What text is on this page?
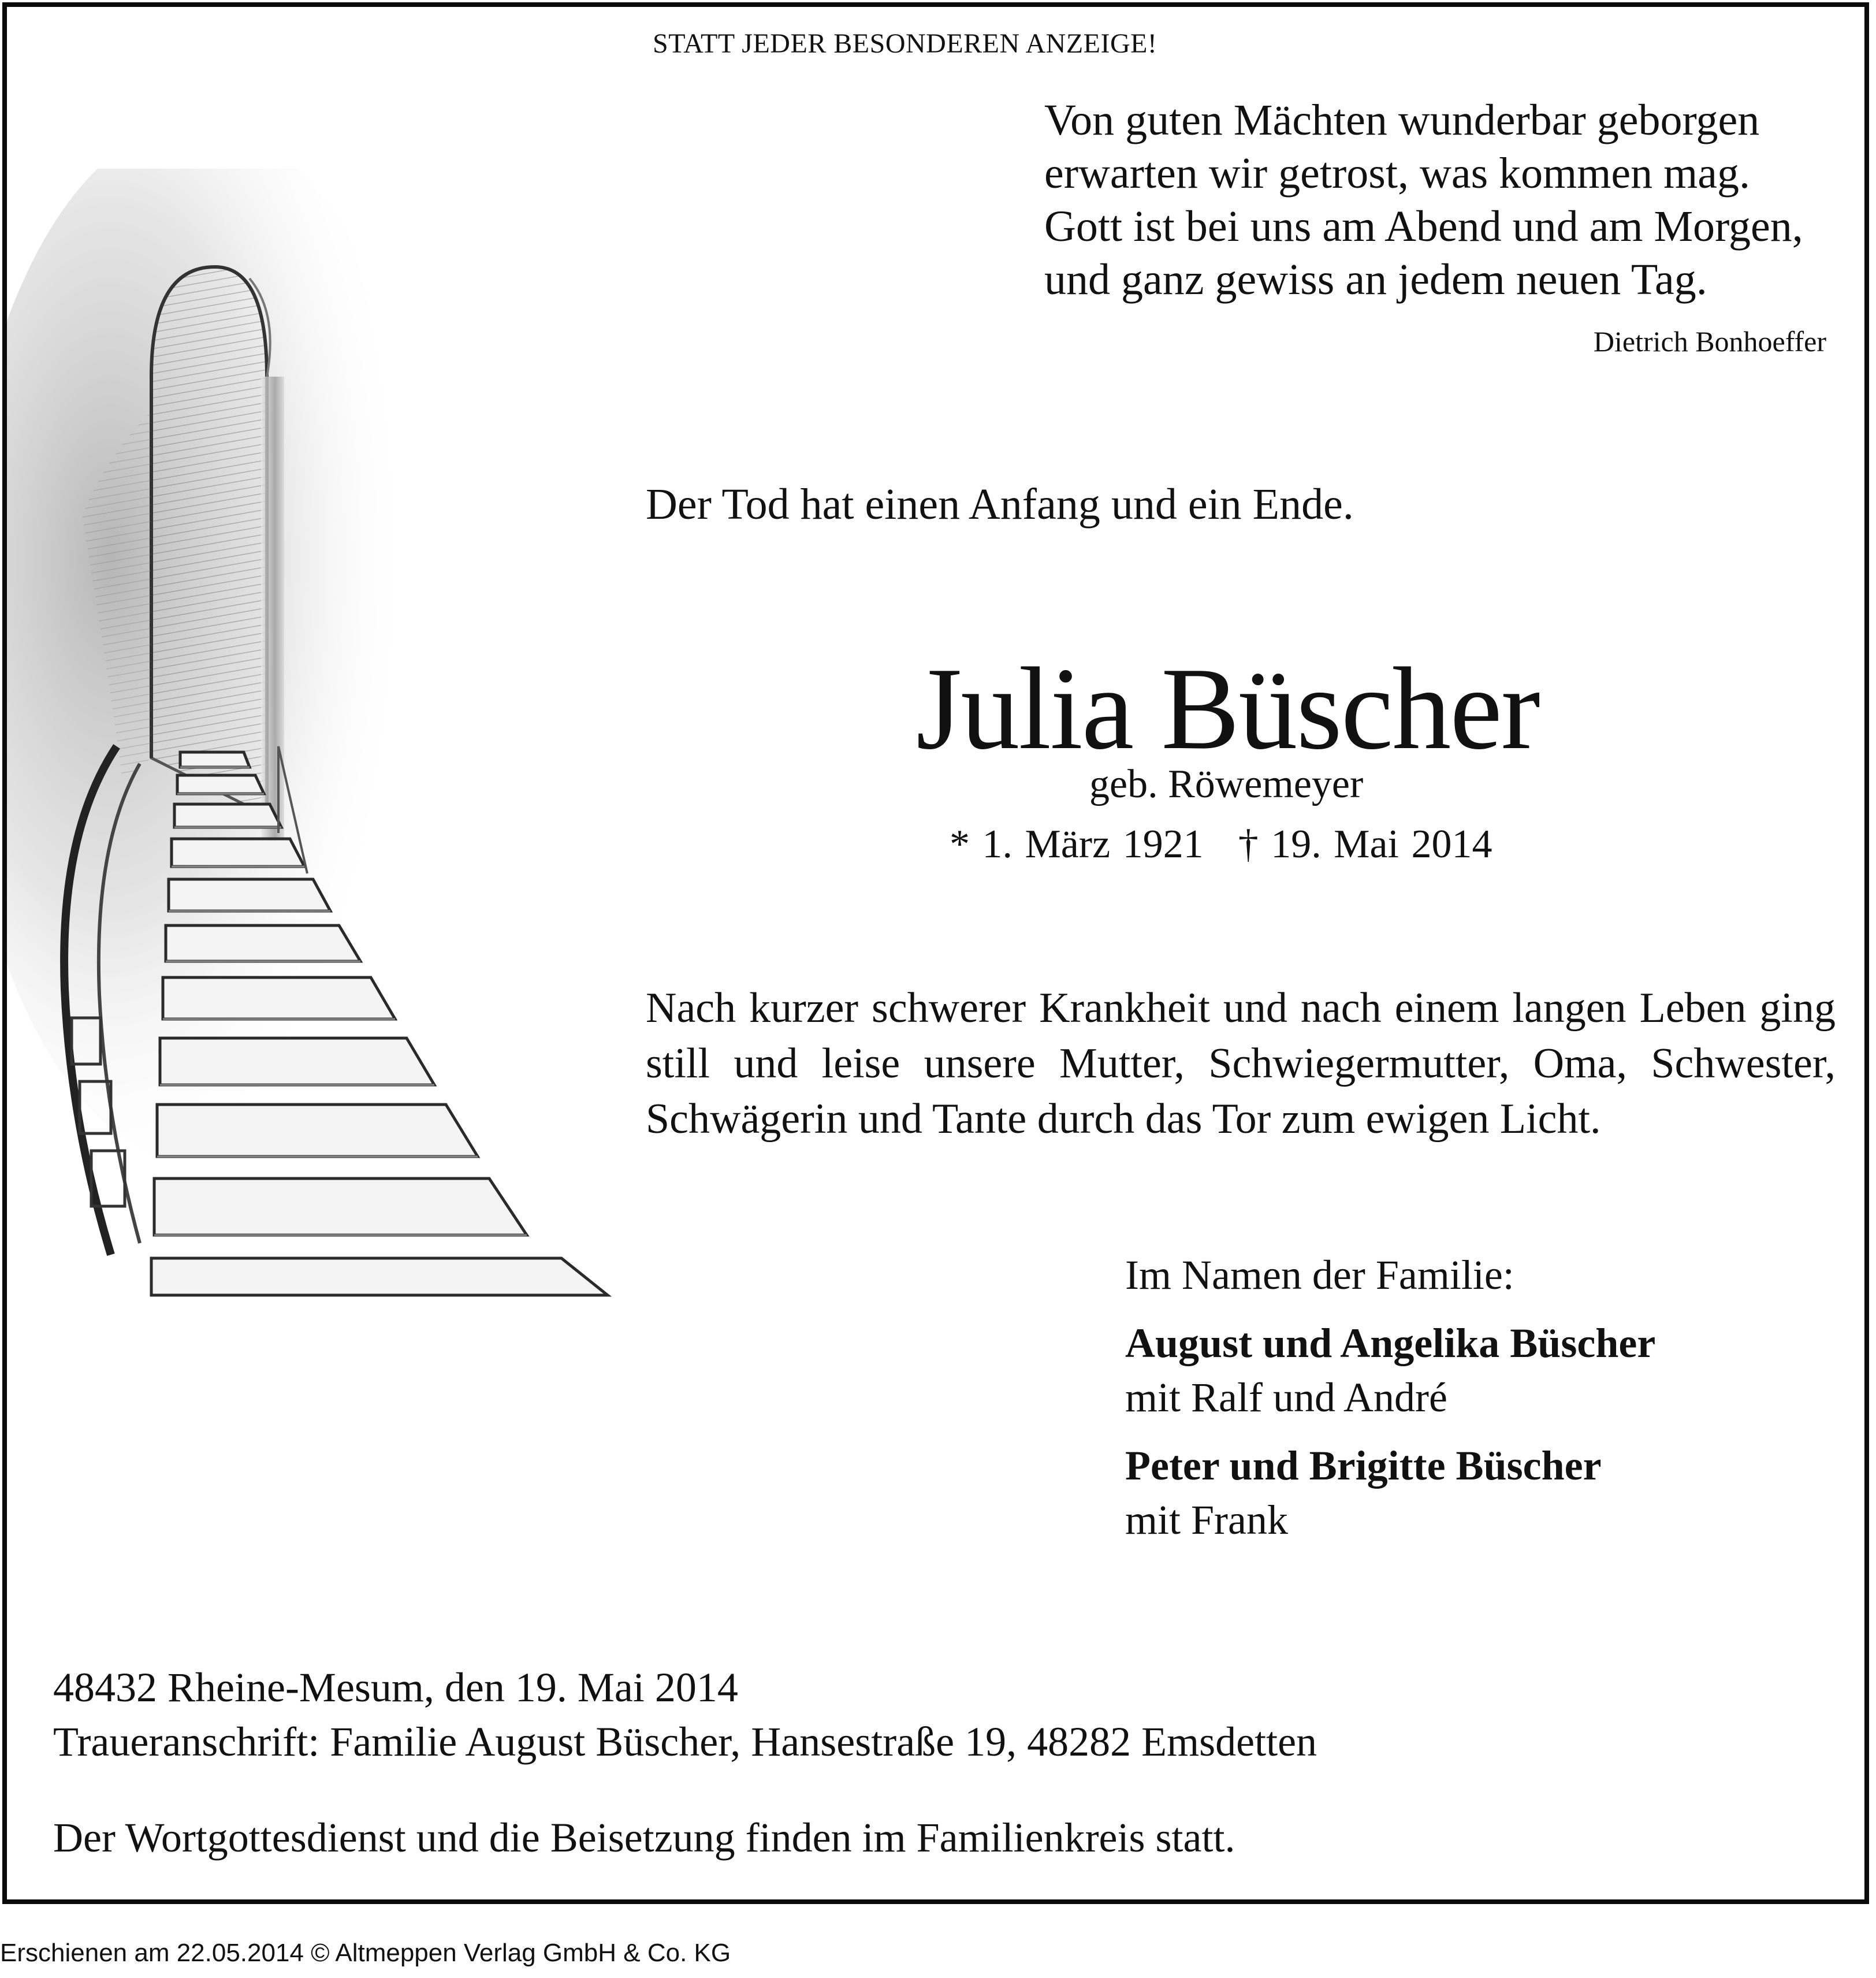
STATT JEDER BESONDEREN ANZEIGE!
Von guten Mächten wunderbar geborgen
erwarten wir getrost, was kommen mag.
Gott ist bei uns am Abend und am Morgen,
und ganz gewiss an jedem neuen Tag.
Dietrich Bonhoeffer
Der Tod hat einen Anfang und ein Ende.
Julia Büscher
geb. Röwemeyer
* 1. März 1921 † 19. Mai 2014
Nach kurzer schwerer Krankheit und nach einem langen Leben ging still und leise unsere Mutter, Schwiegermutter, Oma, Schwester, Schwägerin und Tante durch das Tor zum ewigen Licht.
Im Namen der Familie:
August und Angelika Büscher
mit Ralf und André
Peter und Brigitte Büscher
mit Frank
48432 Rheine-Mesum, den 19. Mai 2014
Traueranschrift: Familie August Büscher, Hansestraße 19, 48282 Emsdetten
Der Wortgottesdienst und die Beisetzung finden im Familienkreis statt.
Erschienen am 22.05.2014 © Altmeppen Verlag GmbH & Co. KG
